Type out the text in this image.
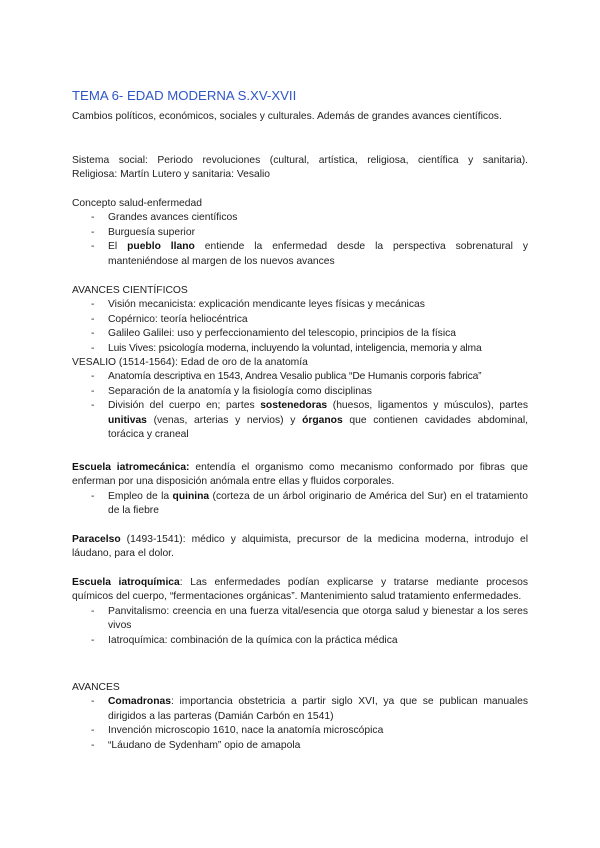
TEMA 6- EDAD MODERNA S.XV-XVII

Cambios políticos, económicos, sociales y culturales. Además de grandes avances científicos.

Sistema social: Periodo revoluciones (cultural, artística, religiosa, científica y sanitaria).

Religiosa: Martín Lutero y sanitaria: Vesalio

Concepto salud-enfermedad

- Grandes avances científicos
- Burguesía superior
- El pueblo llano entiende la enfermedad desde la perspectiva sobrenatural y manteniéndose al margen de los nuevos avances

AVANCES CIENTÍFICOS

- Visión mecanicista: explicación mendicante leyes físicas y mecánicas
- Copérnico: teoría heliocéntrica
- Galileo Galilei: uso y perfeccionamiento del telescopio, principios de la física
- Luis Vives: psicología moderna, incluyendo la voluntad, inteligencia, memoria y alma

VESALIO (1514-1564): Edad de oro de la anatomía

- Anatomía descriptiva en 1543, Andrea Vesalio publica “De Humanis corporis fabrica”
- Separación de la anatomía y la fisiología como disciplinas
- División del cuerpo en; partes sostenedoras (huesos, ligamentos y músculos), partes unitivas (venas, arterias y nervios) y órganos que contienen cavidades abdominal, torácica y craneal

Escuela iatromecánica: entendía el organismo como mecanismo conformado por fibras que enferman por una disposición anómala entre ellas y fluidos corporales.

- Empleo de la quinina (corteza de un árbol originario de América del Sur) en el tratamiento de la fiebre

Paracelso (1493-1541): médico y alquimista, precursor de la medicina moderna, introdujo el láudano, para el dolor.

Escuela iatroquímica: Las enfermedades podían explicarse y tratarse mediante procesos químicos del cuerpo, “fermentaciones orgánicas”. Mantenimiento salud tratamiento enfermedades.

- Panvitalismo: creencia en una fuerza vital/esencia que otorga salud y bienestar a los seres vivos
- Iatroquímica: combinación de la química con la práctica médica

AVANCES

- Comadronas: importancia obstetricia a partir siglo XVI, ya que se publican manuales dirigidos a las parteras (Damián Carbón en 1541)
- Invención microscopio 1610, nace la anatomía microscópica
- “Láudano de Sydenham” opio de amapola
